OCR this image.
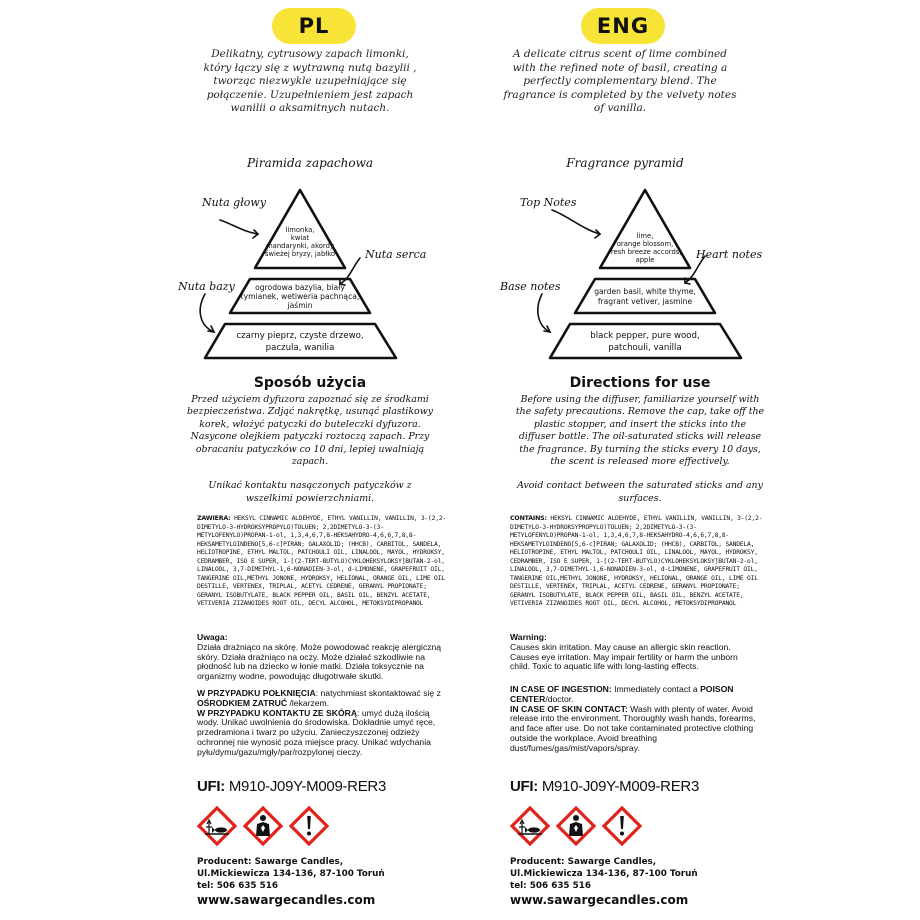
PL
Delikatny, cytrusowy zapach limonki, który łączy się z wytrawną nutą bazylii , tworząc niezwykle uzupełniające się połączenie. Uzupełnieniem jest zapach wanilii o aksamitnych nutach.
Piramida zapachowa
Nuta głowy
Nuta serca
Nuta bazy
limonka,
kwiat
mandarynki, akordy
świeżej bryzy, jabłko
ogrodowa bazylia, biały
tymianek, wetiweria pachnąca,
jaśmin
czarny pieprz, czyste drzewo,
paczula, wanilia
Sposób użycia

Przed użyciem dyfuzora zapoznać się ze środkami bezpieczeństwa. Zdjąć nakrętkę, usunąć plastikowy korek, włożyć patyczki do buteleczki dyfuzora. Nasycone olejkiem patyczki roztoczą zapach. Przy obracaniu patyczków co 10 dni, lepiej uwalniają zapach.

Unikać kontaktu nasączonych patyczków z wszelkimi powierzchniami.

ZAWIERA: HEKSYL CINNAMIC ALDEHYDE, ETHYL VANILLIN, VANILLIN, 3-(2,2-DIMETYLO-3-HYDROKSYPROPYLO)TOLUEN; 2,2DIMETYLO-3-(3-METYLOFENYLO)PROPAN-1-ol, 1,3,4,6,7,8-HEKSAHYDRO-4,6,6,7,8,8-HEKSAMETYLOINDENO[5,6-c]PIRAN; GALAXOLID; (HHCB), CARBITOL, SANDELA, HELIOTROPINE, ETHYL MALTOL, PATCHOULI OIL, LINALOOL, MAYOL, HYDROKSY, CEDRAMBER, ISO E SUPER, 1-[(2-TERT-BUTYLO)CYKLOHEKSYLOKSY]BUTAN-2-ol, LINALOOL, 3,7-DIMETHYL-1,6-NONADIEN-3-ol, d-LIMONENE, GRAPEFRUIT OIL, TANGERINE OIL,METHYL JONONE, HYDROKSY, HELIONAL, ORANGE OIL, LIME OIL DESTILLE, VERTENEX, TRIPLAL, ACETYL CEDRENE, GERANYL PROPIONATE; GERANYL ISOBUTYLATE, BLACK PEPPER OIL, BASIL OIL, BENZYL ACETATE, VETIVERIA ZIZANOIDES ROOT OIL, DECYL ALCOHOL, METOKSYDIPROPANOL
Uwaga:

Działa drażniąco na skórę. Może powodować reakcję alergiczną skóry. Działa drażniąco na oczy. Może działać szkodliwie na płodność lub na dziecko w łonie matki. Działa toksycznie na organizmy wodne, powodując długotrwałe skutki.

W PRZYPADKU POŁKNIĘCIA: natychmiast skontaktować się z OŚRODKIEM ZATRUĆ /lekarzem.

W PRZYPADKU KONTAKTU ZE SKÓRĄ: umyć dużą ilością wody. Unikać uwolnienia do środowiska. Dokładnie umyć ręce, przedramiona i twarz po użyciu. Zanieczyszczonej odzieży ochronnej nie wynosić poza miejsce pracy. Unikać wdychania pyłu/dymu/gazu/mgły/par/rozpylonej cieczy.

UFI: M910-J09Y-M009-RER3
Producent: Sawarge Candles,
Ul.Mickiewicza 134-136, 87-100 Toruń
tel: 506 635 516
www.sawargecandles.com
ENG
A delicate citrus scent of lime combined with the refined note of basil, creating a perfectly complementary blend. The fragrance is completed by the velvety notes of vanilla.
Fragrance pyramid
Top Notes
Heart notes
Base notes
lime,
orange blossom,
fresh breeze accords,
apple
garden basil, white thyme,
fragrant vetiver, jasmine
black pepper, pure wood,
patchouli, vanilla
Directions for use

Before using the diffuser, familiarize yourself with the safety precautions. Remove the cap, take off the plastic stopper, and insert the sticks into the diffuser bottle. The oil-saturated sticks will release the fragrance. By turning the sticks every 10 days, the scent is released more effectively.

Avoid contact between the saturated sticks and any surfaces.

CONTAINS: HEKSYL CINNAMIC ALDEHYDE, ETHYL VANILLIN, VANILLIN, 3-(2,2-DIMETYLO-3-HYDROKSYPROPYLO)TOLUEN; 2,2DIMETYLO-3-(3-METYLOFENYLO)PROPAN-1-ol, 1,3,4,6,7,8-HEKSAHYDRO-4,6,6,7,8,8-HEKSAMETYLOINDENO[5,6-c]PIRAN; GALAXOLID; (HHCB), CARBITOL, SANDELA, HELIOTROPINE, ETHYL MALTOL, PATCHOULI OIL, LINALOOL, MAYOL, HYDROKSY, CEDRAMBER, ISO E SUPER, 1-[(2-TERT-BUTYLO)CYKLOHEKSYLOKSY]BUTAN-2-ol, LINALOOL, 3,7-DIMETHYL-1,6-NONADIEN-3-ol, d-LIMONENE, GRAPEFRUIT OIL, TANGERINE OIL,METHYL JONONE, HYDROKSY, HELIONAL, ORANGE OIL, LIME OIL DESTILLE, VERTENEX, TRIPLAL, ACETYL CEDRENE, GERANYL PROPIONATE; GERANYL ISOBUTYLATE, BLACK PEPPER OIL, BASIL OIL, BENZYL ACETATE, VETIVERIA ZIZANOIDES ROOT OIL, DECYL ALCOHOL, METOKSYDIPROPANOL
Warning:

Causes skin irritation. May cause an allergic skin reaction. Causes eye irritation. May impair fertility or harm the unborn child. Toxic to aquatic life with long-lasting effects.

IN CASE OF INGESTION: Immediately contact a POISON CENTER/doctor.

IN CASE OF SKIN CONTACT: Wash with plenty of water. Avoid release into the environment. Thoroughly wash hands, forearms, and face after use. Do not take contaminated protective clothing outside the workplace. Avoid breathing dust/fumes/gas/mist/vapors/spray.

UFI: M910-J09Y-M009-RER3
Producent: Sawarge Candles,
Ul.Mickiewicza 134-136, 87-100 Toruń
tel: 506 635 516
www.sawargecandles.com
